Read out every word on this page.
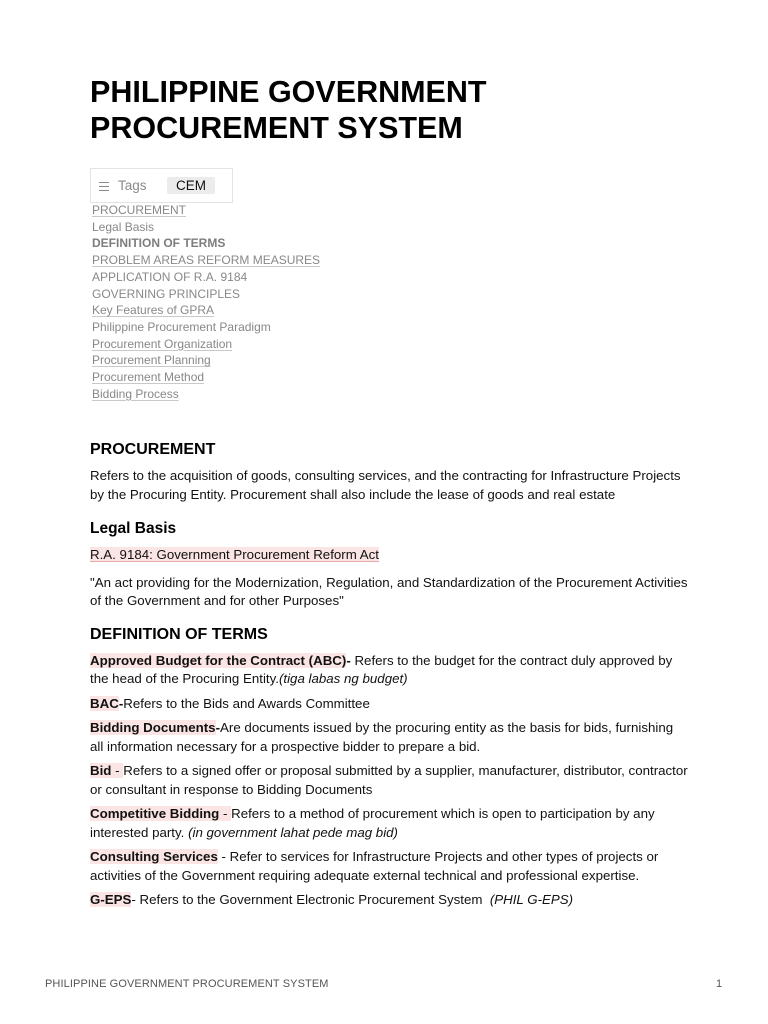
PHILIPPINE GOVERNMENT
PROCUREMENT SYSTEM
Tags	CEM
PROCUREMENT
Legal Basis
DEFINITION OF TERMS
PROBLEM AREAS REFORM MEASURES
APPLICATION OF R.A. 9184
GOVERNING PRINCIPLES
Key Features of GPRA
Philippine Procurement Paradigm
Procurement Organization
Procurement Planning
Procurement Method
Bidding Process
PROCUREMENT
Refers to the acquisition of goods, consulting services, and the contracting for Infrastructure Projects by the Procuring Entity. Procurement shall also include the lease of goods and real estate
Legal Basis
R.A. 9184: Government Procurement Reform Act
"An act providing for the Modernization, Regulation, and Standardization of the Procurement Activities of the Government and for other Purposes"
DEFINITION OF TERMS
Approved Budget for the Contract (ABC)- Refers to the budget for the contract duly approved by the head of the Procuring Entity.(tiga labas ng budget)
BAC-Refers to the Bids and Awards Committee
Bidding Documents-Are documents issued by the procuring entity as the basis for bids, furnishing all information necessary for a prospective bidder to prepare a bid.
Bid - Refers to a signed offer or proposal submitted by a supplier, manufacturer, distributor, contractor or consultant in response to Bidding Documents
Competitive Bidding - Refers to a method of procurement which is open to participation by any interested party. (in government lahat pede mag bid)
Consulting Services - Refer to services for Infrastructure Projects and other types of projects or activities of the Government requiring adequate external technical and professional expertise.
G-EPS- Refers to the Government Electronic Procurement System  (PHIL G-EPS)
PHILIPPINE GOVERNMENT PROCUREMENT SYSTEM	1
